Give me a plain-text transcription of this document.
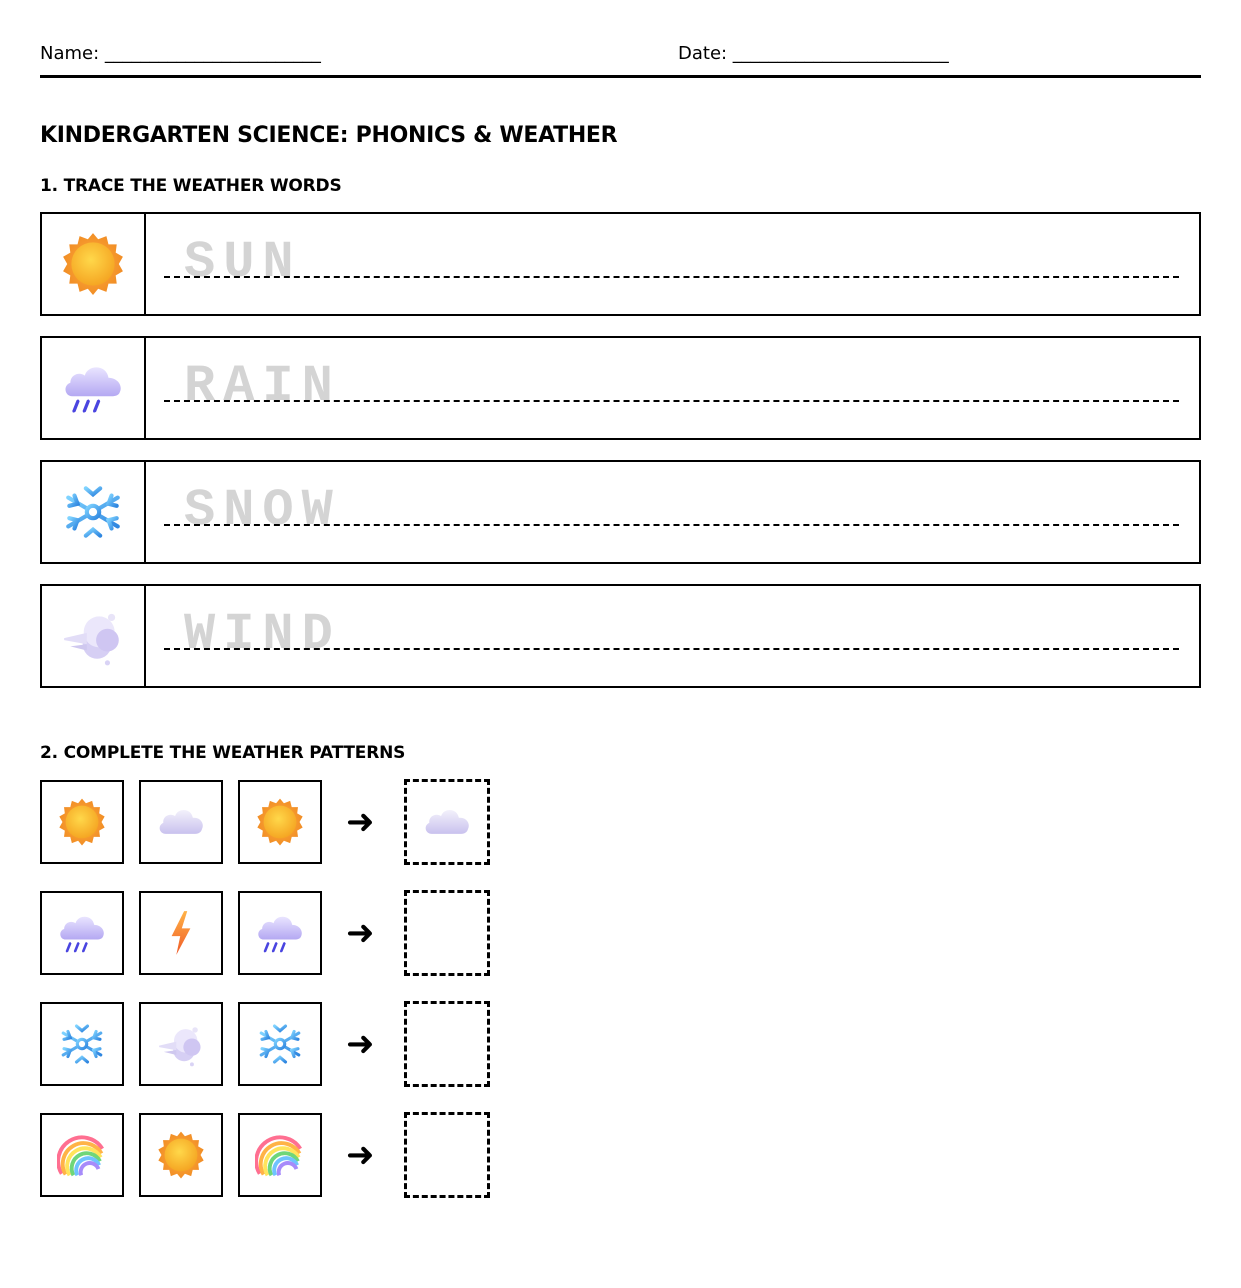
Name: ________________________	Date: ________________________
KINDERGARTEN SCIENCE: PHONICS & WEATHER
1. TRACE THE WEATHER WORDS
SUN
RAIN
SNOW
WIND
2. COMPLETE THE WEATHER PATTERNS
➜
➜
➜
➜
